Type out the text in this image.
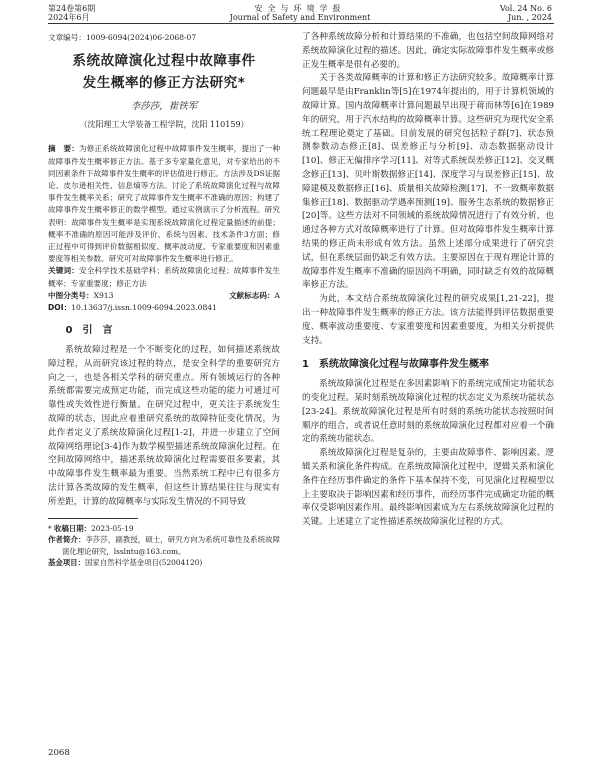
第24卷第6期
2024年6月
安全与环境学报
Journal of Safety and Environment
Vol. 24 No. 6
Jun. , 2024
文章编号：1009-6094(2024)06-2068-07
系统故障演化过程中故障事件
发生概率的修正方法研究*
李莎莎，崔铁军
（沈阳理工大学装备工程学院，沈阳 110159）
摘　要：为修正系统故障演化过程中故障事件发生概率，提出了一种故障事件发生概率修正方法。基于多专家量化意见，对专家给出的不同因素条件下故障事件发生概率的评估值进行修正。方法涉及DS证据论、皮尔逊相关性、信息熵等方法。讨论了系统故障演化过程与故障事件发生概率关系；研究了故障事件发生概率不准确的原因；构建了故障事件发生概率修正的数学模型。通过实例演示了分析流程。研究表明：故障事件发生概率是实现系统故障演化过程定量描述的前提；概率不准确的原因可能涉及评价、系统与因素、技术条件3方面；修正过程中可得到评价数据相似度、概率波动度、专家重要度和因素重要度等相关参数。研究可对故障事件发生概率进行修正。
关键词：安全科学技术基础学科；系统故障演化过程；故障事件发生概率；专家重要度；修正方法
中图分类号：X913	文献标志码：A
DOI：10.13637/j.issn.1009-6094.2023.0841
0　引　言
系统故障过程是一个不断变化的过程，如何描述系统故障过程，从而研究该过程的特点，是安全科学的重要研究方向之一，也是各相关学科的研究重点。所有领域运行的各种系统都需要完成预定功能，而完成这些功能的能力可通过可靠性或失效性进行衡量。在研究过程中，更关注于系统发生故障的状态，因此应着重研究系统的故障特征变化情况，为此作者定义了系统故障演化过程[1-2]，并进一步建立了空间故障网络理论[3-4]作为数学模型描述系统故障演化过程。在空间故障网络中，描述系统故障演化过程需要很多要素，其中故障事件发生概率最为重要。当然系统工程中已有很多方法计算各类故障的发生概率，但这些计算结果往往与现实有所差距，计算的故障概率与实际发生情况的不同导致
* 收稿日期：2023-05-19
作者简介：李莎莎，副教授，硕士，研究方向为系统可靠性及系统故障演化理论研究，lsslntu@163.com。
基金项目：国家自然科学基金项目(52004120)
了各种系统故障分析和计算结果的不准确，也包括空间故障网络对系统故障演化过程的描述。因此，确定实际故障事件发生概率或修正发生概率是很有必要的。
关于各类故障概率的计算和修正方法研究较多。故障概率计算问题最早是由Franklin等[5]在1974年提出的，用于计算机领域的故障计算。国内故障概率计算问题最早出现于蒋而林等[6]在1989年的研究，用于汽水结构的故障概率计算。这些研究为现代安全系统工程理论奠定了基础。目前发展的研究包括粒子群[7]、状态预测参数动态修正[8]、误差修正与分析[9]、动态数据驱动设计[10]、修正无偏排序学习[11]、对等式系统误差修正[12]、交叉概念修正[13]、贝叶斯数据修正[14]、深度学习与误差修正[15]、故障建模及数据修正[16]、质量相关故障检测[17]、不一致概率数据集修正[18]、数据驱动学遇率预测[19]、服务生态系统的数据修正[20]等。这些方法对不同领域的系统故障情况进行了有效分析，也通过各种方式对故障概率进行了计算。但对故障事件发生概率计算结果的修正尚未形成有效方法。虽然上述部分成果进行了研究尝试，但在系统层面仍缺乏有效方法。主要原因在于现有理论计算的故障事件发生概率不准确的原因尚不明确，同时缺乏有效的故障概率修正方法。
为此，本文结合系统故障演化过程的研究成果[1,21-22]，提出一种故障事件发生概率的修正方法。该方法能得到评估数据重要度、概率波动重要度、专家重要度和因素重要度，为相关分析提供支持。
1　系统故障演化过程与故障事件发生概率
系统故障演化过程是在多因素影响下的系统完成预定功能状态的变化过程。某时刻系统故障演化过程的状态定义为系统功能状态[23-24]。系统故障演化过程是所有时刻的系统功能状态按照时间顺序的组合，或者说任意时刻的系统故障演化过程都对应着一个确定的系统功能状态。
系统故障演化过程是复杂的，主要由故障事件、影响因素、逻辑关系和演化条件构成。在系统故障演化过程中，逻辑关系和演化条件在经历事件确定的条件下基本保持不变，可见演化过程模型以上主要取决于影响因素和经历事件，而经历事件完成确定功能的概率仅受影响因素作用。最终影响因素成为左右系统故障演化过程的关键。上述建立了定性描述系统故障演化过程的方式。
2068
